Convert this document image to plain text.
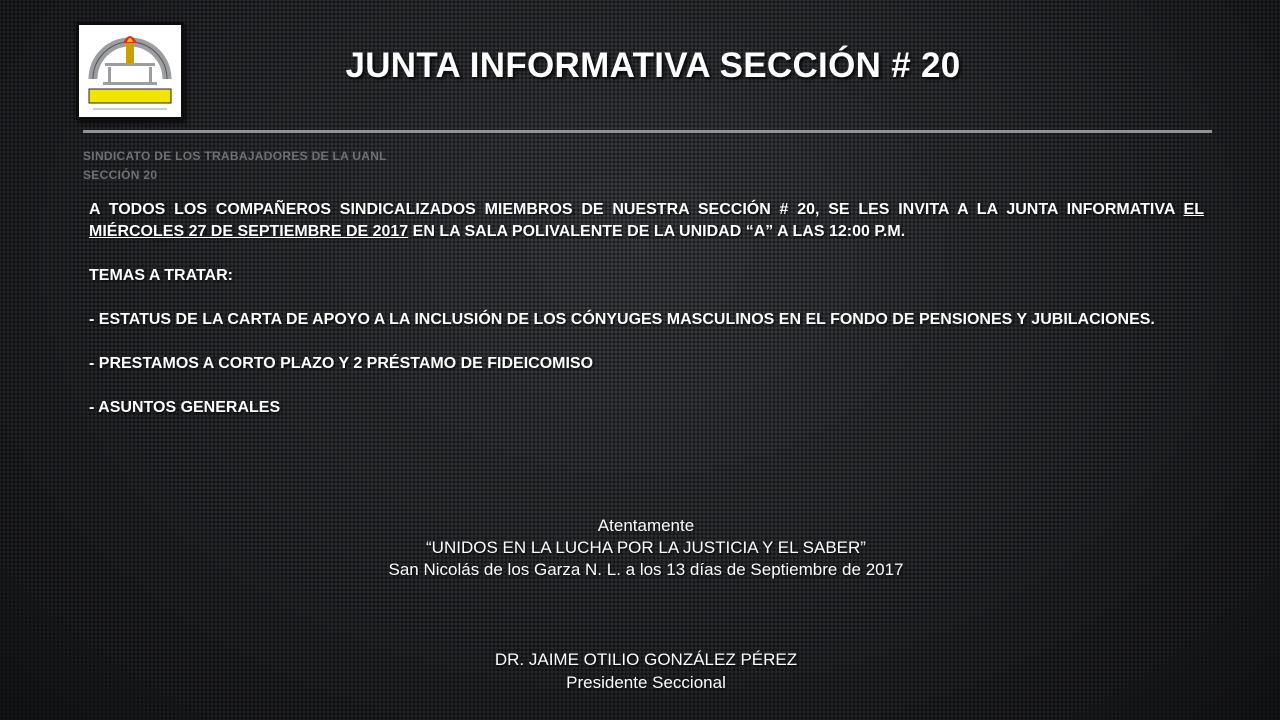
JUNTA INFORMATIVA SECCIÓN # 20
SINDICATO DE LOS TRABAJADORES DE LA UANL
SECCIÓN 20

A TODOS LOS COMPAÑEROS SINDICALIZADOS MIEMBROS DE NUESTRA SECCIÓN # 20, SE LES INVITA A LA JUNTA INFORMATIVA EL MIÉRCOLES 27 DE SEPTIEMBRE DE 2017 EN LA SALA POLIVALENTE DE LA UNIDAD “A” A LAS 12:00 P.M.

TEMAS A TRATAR:

- ESTATUS DE LA CARTA DE APOYO A LA INCLUSIÓN DE LOS CÓNYUGES MASCULINOS EN EL FONDO DE PENSIONES Y JUBILACIONES.

- PRESTAMOS A CORTO PLAZO Y 2 PRÉSTAMO DE FIDEICOMISO

- ASUNTOS GENERALES

Atentamente
“UNIDOS EN LA LUCHA POR LA JUSTICIA Y EL SABER”
San Nicolás de los Garza N. L. a los 13 días de Septiembre de 2017
DR. JAIME OTILIO GONZÁLEZ PÉREZ
Presidente Seccional
